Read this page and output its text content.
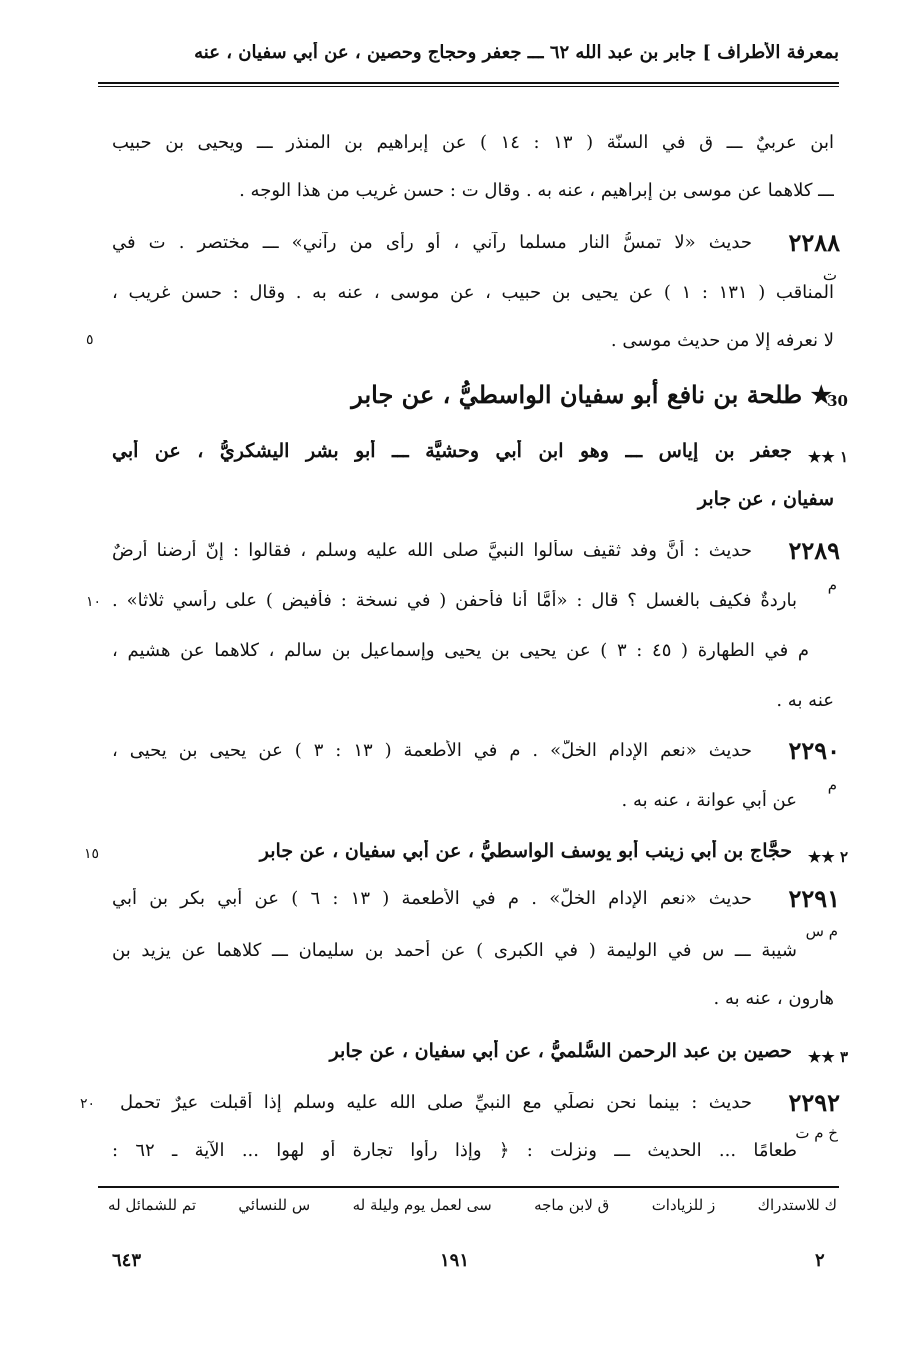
بمعرفة الأطراف ] جابر بن عبد الله ٦٢ ـــ جعفر وحجاج وحصين ، عن أبي سفيان ، عنه
ابن عربيٌ ـــ ق في السنّة ( ١٣ : ١٤ ) عن إبراهيم بن المنذر ـــ ويحيى بن حبيب
ـــ كلاهما عن موسى بن إبراهيم ، عنه به . وقال ت : حسن غريب من هذا الوجه .
٢٢٨٨
ت
حديث «لا تمسُّ النار مسلما رآني ، أو رأى من رآني» ـــ مختصر . ت في
المناقب ( ١٣١ : ١ ) عن يحيى بن حبيب ، عن موسى ، عنه به . وقال : حسن غريب ،
لا نعرفه إلا من حديث موسى .
٥
30
★ طلحة بن نافع أبو سفيان الواسطيُّ ، عن جابر
١ ★★
جعفر بن إياس ـــ وهو ابن أبي وحشيَّة ـــ أبو بشر اليشكريُّ ، عن أبي
سفيان ، عن جابر
٢٢٨٩
م
حديث : أنَّ وفد ثقيف سألوا النبيَّ صلى الله عليه وسلم ، فقالوا : إنّ أرضنا أرضٌ
باردةٌ فكيف بالغسل ؟ قال : «أمَّا أنا فأحفن ( في نسخة : فأفيض ) على رأسي ثلاثا» .
١٠
م في الطهارة ( ٤٥ : ٣ ) عن يحيى بن يحيى وإسماعيل بن سالم ، كلاهما عن هشيم ،
عنه به .
٢٢٩٠
م
حديث «نعم الإدام الخلُّ» . م في الأطعمة ( ١٣ : ٣ ) عن يحيى بن يحيى ،
عن أبي عوانة ، عنه به .
٢ ★★
حجَّاج بن أبي زينب أبو يوسف الواسطيُّ ، عن أبي سفيان ، عن جابر
١٥
٢٢٩١
م س
حديث «نعم الإدام الخلُّ» . م في الأطعمة ( ١٣ : ٦ ) عن أبي بكر بن أبي
شيبة ـــ س في الوليمة ( في الكبرى ) عن أحمد بن سليمان ـــ كلاهما عن يزيد بن
هارون ، عنه به .
٣ ★★
حصين بن عبد الرحمن السُّلميُّ ، عن أبي سفيان ، عن جابر
٢٢٩٢
خ م ت
حديث : بينما نحن نصلِّي مع النبيِّ صلى الله عليه وسلم إذا أقبلت عيرٌ تحمل
٢٠
طعامًا ... الحديث ـــ ونزلت : ﴿ وإذا رأوا تجارة أو لهوا ... الآية ـ ٦٢ :
تم للشمائل له	س للنسائي	سى لعمل يوم وليلة له	ق لابن ماجه	ز للزيادات	ك للاستدراك
٢
١٩١
٦٤٣
